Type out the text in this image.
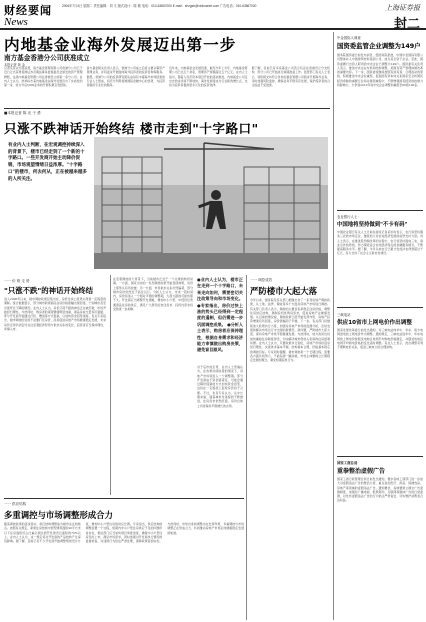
财经要闻
News
2006年7月4日 星期二 责任编辑：刘 义 版式设计：陈 敏 电话：010-63867000 E-mail：shzgsb@xinhuanet.com 广告电话：010-63867000	上海证券报
封二
内地基金业海外发展迈出第一步
南方基金香港分公司获准成立
本报记者 黄 金
记者从有关方面获悉，南方基金管理有限公司香港分公司已于近日正式获得香港证券及期货事务监察委员会颁发的资产管理牌照，这是内地基金管理公司在香港设立的第一家分公司。业内人士认为，此举标志着内地基金业海外发展迈出了实质性的第一步，将为今后QDII业务的开展积累宝贵经验。
南方基金相关负责人表示，香港分公司成立后将主要从事资产管理业务，并将逐步开展面向海外投资者的投资咨询等服务。据悉，香港分公司的投资研究团队由具有丰富海外市场经验的专业人士组成，将充分利用香港国际金融中心的优势，为投资者提供专业化的服务。
近年来，内地基金业发展迅速，截至今年上半年，内地基金管理公司已达五十余家，管理资产规模超过五千亿元。业内人士指出，随着人民币资本项目开放的逐步推进，内地基金公司走出去的步伐将不断加快，海外发展将成为行业新的增长点，也将为投资者提供更多元化的投资选择。
据了解，目前已有多家基金公司表示有意在香港设立分支机构，部分公司已开始进行前期准备工作。监管部门有关人士表示，将积极支持符合条件的基金管理公司稳步开展海外业务，同时加强风险监控，确保业务平稳有序发展，保护投资者的合法权益不受侵害。
■本报记者 陈 光 于 勇
只涨不跌神话开始终结 楼市走到"十字路口"
有业内人士判断，在宏观调控持续深入的背景下，楼市已经走到了一个新的十字路口。一些开发商开始主动降价促销，市场观望情绪日益浓厚。"十字路口"的楼市，何去何从，正在被越来越多的人所关注。
一一 价 格 走 势
"只涨不跌"的神话开始终结
进入2006年以来，楼市调控政策密集出台，房价过快上涨势头得到一定程度的遏制。统计数据显示，部分城市新建商品住房价格涨幅出现回落，个别城市甚至出现环比下降的情况。业内人士认为，房价只涨不跌的神话正在被打破，市场开始回归理性。与此同时，购房者的观望情绪明显加重，商品房成交量有所萎缩，部分开发商开始通过打折、赠送等方式促销，以加快资金回笼速度。有关专家指出，楼市调控的目的不是要打压房价，而是促进房地产市场健康稳定发展，未来房价走势仍需密切关注宏观经济形势与供求关系的变化，投资者应当保持理性，审慎入市。
在宏观调控的大背景下，当前楼市正处于一个关键的转折时期。一方面，国家出台的一系列调控政策开始显现效果，房价上涨势头有所放缓；另一方面，市场供求关系仍然偏紧，部分城市房价依然处于高位运行。分析人士认为，未来一段时间内，房价将进入一个相对平稳的调整期，大涨大跌的可能性都不大。开发商应当调整开发策略，增加中小户型、中低价位普通商品住房的供应，满足广大居民的自住需求，投机性需求将受到进一步抑制。
●业内人士认为，楼市正在走到一个十字路口，未来走向如何，需要密切关注政策导向和市场变化。 ●专家指出，房价过快上涨的势头已经得到一定程度的遏制，但仍需进一步巩固调控成果。 ●分析人士表示，购房者应保持理性，根据自身需求和经济能力审慎做出购房决策，避免盲目跟风。
对于后市的走势，业内人士普遍认为，在政策持续收紧的情况下，房地产市场将进入一个调整期。部分开发商由于资金链紧张，可能会通过降价促销的方式加快资金回笼，这将在一定程度上促使房价趋于合理。不过，也有专家认为，从中长期来看，随着城市化进程的不断推进，住房需求依然旺盛，房价总体上仍将保持平稳增长的态势。
一一 调控成效
严防楼市大起大落
今年以来，国务院及有关部门相继出台了一系列房地产调控政策，从土地、信贷、税收等多个方面对房地产市场进行调控。有关部门负责人表示，调控的主要目标是稳定住房价格，调整住房供应结构，遏制投机性购房需求，促进房地产业健康发展。从目前的情况看，调控政策已经开始发挥作用，房地产投资增速有所回落，房价涨幅趋于平缓。下一步，有关部门将继续加大政策执行力度，加强对房地产市场的监测分析，及时发现和解决市场运行中出现的新情况、新问题，严防楼市大起大落，保持房地产市场平稳健康发展。与此同时，地方政府也将加快廉租住房制度建设，切实解决城市低收入家庭的住房困难问题。业内人士认为，只要政策执行到位，房地产市场将逐步回归理性，实现供求基本平衡、结构基本合理、价格基本稳定的调控目标。专家同时提醒，楼市调控是一个长期过程，需要各方面共同努力，不能指望一蹴而就，市场主体要树立长期稳定发展的理念，避免短期投机行为。
一一 供应结构
多重调控与市场调整形成合力
随着调控政策的逐步落实，供应结构调整成为楼市关注的焦点。按照有关规定，新建住房结构中套型建筑面积90平方米以下住房面积所占比重必须达到开发建设总面积的70%以上。业内人士认为，这一规定将对开发商的产品结构产生深远影响。据了解，目前已有不少开发商开始调整规划设计方案，增加中小户型住房的供应比例。专家指出，供应结构的调整需要一个过程，短期内中小户型住房供应不足的问题仍将存在，相关部门应当加快项目审批进度，确保中小户型住房及时上市，满足市场需求，同时加强对开发商执行情况的监督检查，对违规行为依法严肃处理，保障政策落到实处。与此同时，市场自身的调整也在发挥作用，多重调控与市场调整正在形成合力，共同推动房地产市场走向健康稳定发展的轨道。
中金国际入调查
国资委监管企业调整为149户
国务院国资委日前发布消息，经国务院批准，中国中金国际有限公司整体并入中国建筑材料集团公司，成为其全资子企业。至此，国资委履行出资人职责的中央企业已调整为149户。国资委有关负责人表示，推进中央企业布局和结构调整，是国有资产管理体制改革的重要内容。下一步，国资委将继续按照有进有退、合理流动的原则，积极推进中央企业重组，促进国有资本向关系国家安全和国民经济命脉的重要行业和关键领域集中，不断增强国有经济的控制力和影响力，力争到2010年将中央企业调整和重组至80到100家。
农业银行人士：
中国地将坚持做到"不卡有码"
中国农业银行有关人士日前在接受记者采访时表示，农行将坚持服务三农的市场定位，继续加大对农村经济发展的信贷支持力度。该人士表示，在推进股份制改革的过程中，农行将坚持面向三农、商业运作的原则，努力探索适合农村经济特点的金融服务模式，不断提高服务水平。据了解，今年以来农行已累计发放涉农贷款超过千亿元，有力支持了社会主义新农村建设。
三峡电站
供应10省市上网电价作出调整
国家发展改革委日前发出通知，对三峡电站向华中、华东、南方电网送电的上网电价作出调整。通知规定，三峡电站送华中、华东电网的上网电价按照受电地区电网平均购电价格确定，并随受电地区电网平均购电价格的变化适时调整。有关人士表示，此次调整有利于理顺电价关系，促进三峡电力的合理消纳。
国家工商总局
重拳整治虚假广告
国家工商行政管理总局日前发出通知，要求各地工商部门进一步加大对虚假违法广告的整治力度，重点查处医疗、药品、保健食品、房地产等领域的虚假违法广告。通知要求，各地要建立健全广告监测制度，加强对广播电视、报纸期刊、互联网等媒体广告的日常监测，对发布虚假违法广告的行为依法严肃查处，切实维护消费者合法权益。
